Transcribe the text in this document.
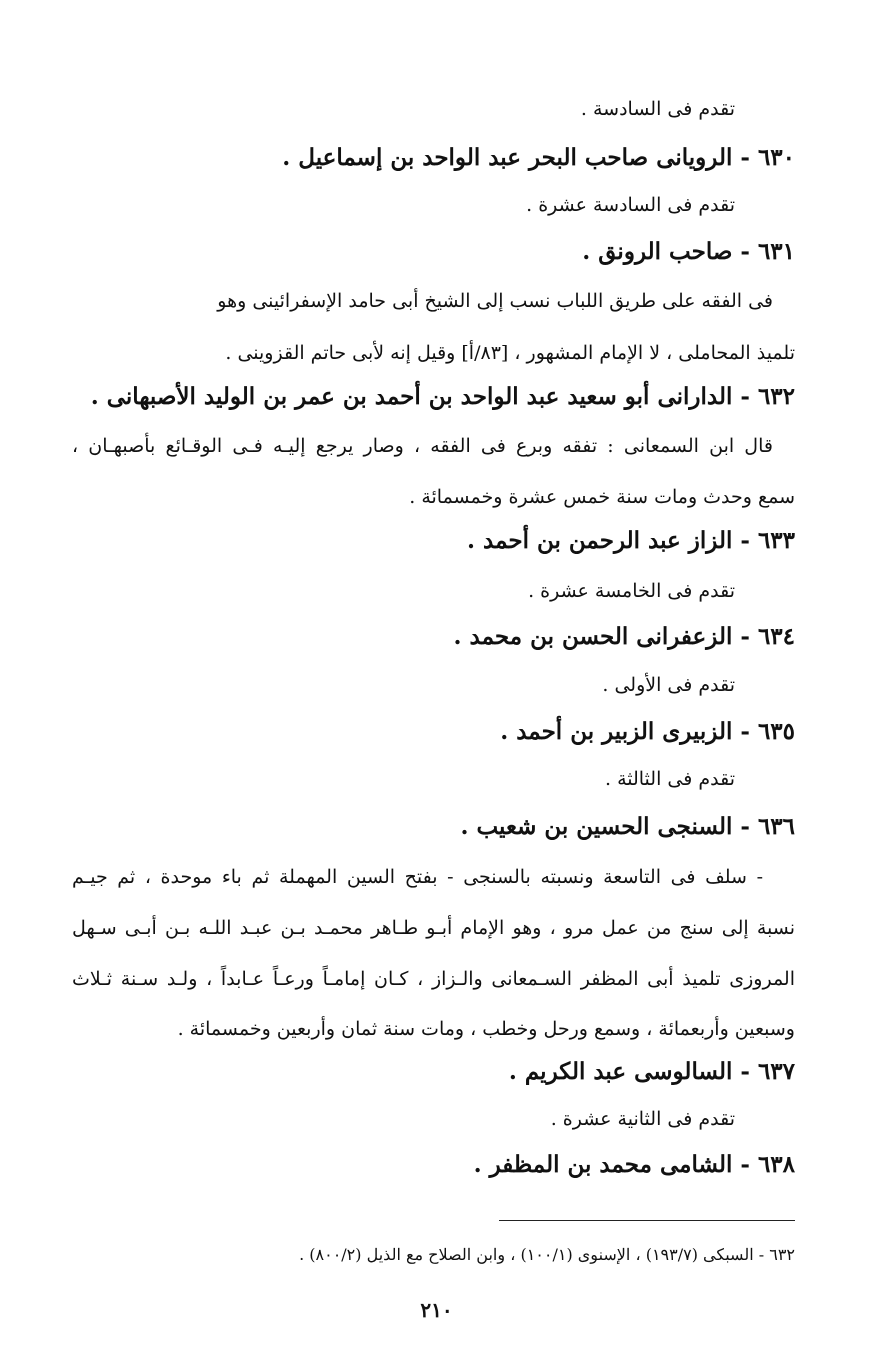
تقدم فى السادسة .
٦٣٠ - الرويانى صاحب البحر عبد الواحد بن إسماعيل .
تقدم فى السادسة عشرة .
٦٣١ - صاحب الرونق .
فى الفقه على طريق اللباب نسب إلى الشيخ أبى حامد الإسفرائينى وهو
تلميذ المحاملى ، لا الإمام المشهور ، [٨٣/أ] وقيل إنه لأبى حاتم القزوينى .
٦٣٢ - الدارانى أبو سعيد عبد الواحد بن أحمد بن عمر بن الوليد الأصبهانى .
قال ابن السمعانى : تفقه وبرع فى الفقه ، وصار يرجع إليـه فـى الوقـائع بأصبهـان ،
سمع وحدث ومات سنة خمس عشرة وخمسمائة .
٦٣٣ - الزاز عبد الرحمن بن أحمد .
تقدم فى الخامسة عشرة .
٦٣٤ - الزعفرانى الحسن بن محمد .
تقدم فى الأولى .
٦٣٥ - الزبيرى الزبير بن أحمد .
تقدم فى الثالثة .
٦٣٦ - السنجى الحسين بن شعيب .
- سلف فى التاسعة ونسبته بالسنجى - بفتح السين المهملة ثم باء موحدة ، ثم جيـم
نسبة إلى سنج من عمل مرو ، وهو الإمام أبـو طـاهر محمـد بـن عبـد اللـه بـن أبـى سـهل
المروزى تلميذ أبى المظفر السـمعانى والـزاز ، كـان إمامـاً ورعـاً عـابداً ، ولـد سـنة ثـلاث
وسبعين وأربعمائة ، وسمع ورحل وخطب ، ومات سنة ثمان وأربعين وخمسمائة .
٦٣٧ - السالوسى عبد الكريم .
تقدم فى الثانية عشرة .
٦٣٨ - الشامى محمد بن المظفر .
٦٣٢ - السبكى (١٩٣/٧) ، الإسنوى (١٠٠/١) ، وابن الصلاح مع الذيل (٨٠٠/٢) .
٢١٠
